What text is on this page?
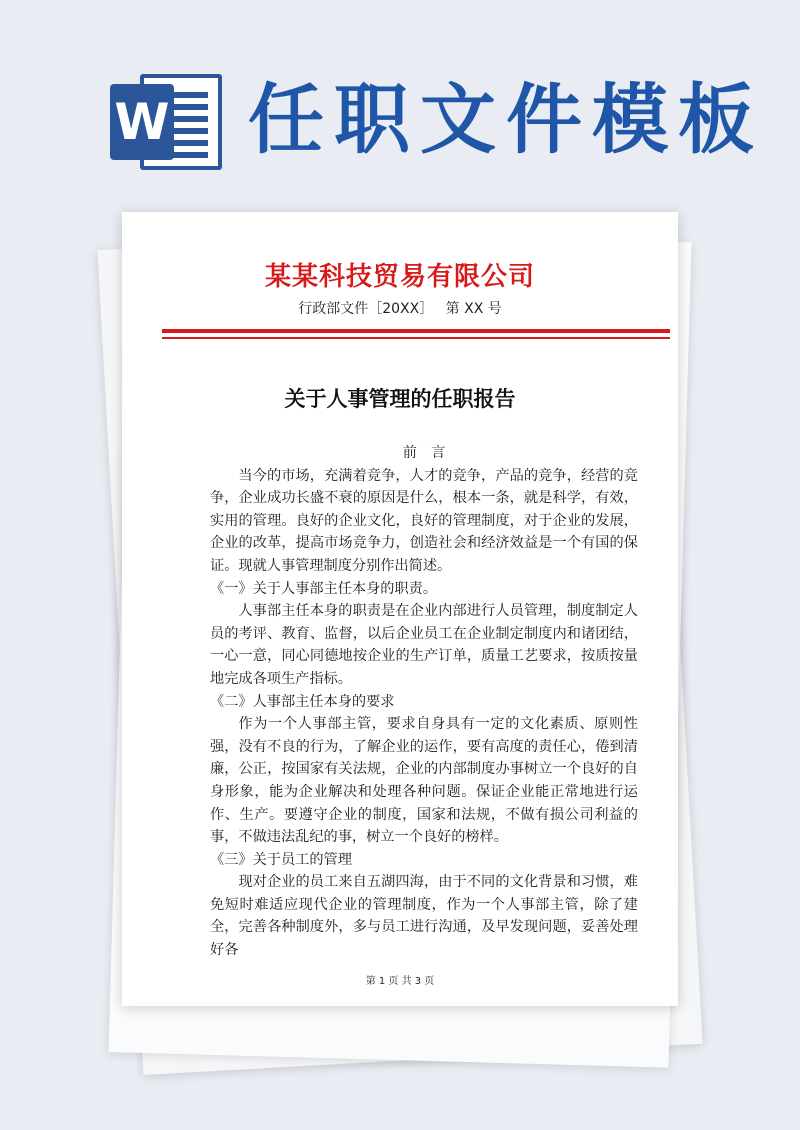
W 任职文件模板
某某科技贸易有限公司
行政部文件［20XX］ 第 XX 号
关于人事管理的任职报告

前　言

当今的市场，充满着竞争，人才的竞争，产品的竞争，经营的竞争，企业成功长盛不衰的原因是什么，根本一条，就是科学，有效，实用的管理。良好的企业文化，良好的管理制度，对于企业的发展，企业的改革，提高市场竞争力，创造社会和经济效益是一个有国的保证。现就人事管理制度分别作出简述。

《一》关于人事部主任本身的职责。

人事部主任本身的职责是在企业内部进行人员管理，制度制定人员的考评、教育、监督，以后企业员工在企业制定制度内和诸团结，一心一意，同心同德地按企业的生产订单，质量工艺要求，按质按量地完成各项生产指标。

《二》人事部主任本身的要求

作为一个人事部主管，要求自身具有一定的文化素质、原则性强，没有不良的行为，了解企业的运作，要有高度的责任心，倦到清廉，公正，按国家有关法规，企业的内部制度办事树立一个良好的自身形象，能为企业解决和处理各种问题。保证企业能正常地进行运作、生产。要遵守企业的制度，国家和法规，不做有损公司利益的事，不做违法乱纪的事，树立一个良好的榜样。

《三》关于员工的管理

现对企业的员工来自五湖四海，由于不同的文化背景和习惯，难免短时难适应现代企业的管理制度，作为一个人事部主管，除了建全，完善各种制度外，多与员工进行沟通，及早发现问题，妥善处理好各

第 1 页 共 3 页
